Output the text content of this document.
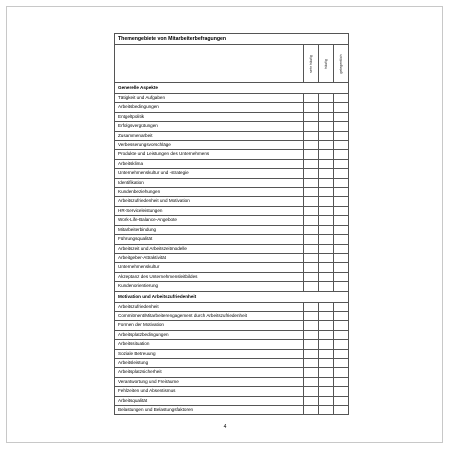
Themengebiete von Mitarbeiterbefragungen			

	sehr häufig	häufig	gelegentlich

Generelle Aspekte			
Tätigkeit und Aufgaben			
Arbeitsbedingungen			
Entgeltpolitik			
Erfolgsvergütungen			
Zusammenarbeit			
Verbesserungsvorschläge			
Produkte und Leistungen des Unternehmens			
Arbeitsklima			
Unternehmenskultur und -strategie			
Identifikation			
Kundenbeziehungen			
Arbeitszufriedenheit und Motivation			
HR-Serviceleistungen			
Work-Life-Balance-Angebote			
Mitarbeiterbindung			
Führungsqualität			
Arbeitszeit und Arbeitszeitmodelle			
Arbeitgeber-Attraktivität			
Unternehmenskultur			
Akzeptanz des Unternehmensleitbildes			
Kundenorientierung			
Motivation und Arbeitszufriedenheit			
Arbeitszufriedenheit			
Commitment/Mitarbeiterengagement durch Arbeitszufriedenheit			
Formen der Motivation			
Arbeitsplatzbedingungen			
Arbeitssituation			
Soziale Betreuung			
Arbeitsleistung			
Arbeitsplatzsicherheit			
Verantwortung und Freiräume			
Fehlzeiten und Absentismus			
Arbeitsqualität			
Belastungen und Belastungsfaktoren			
4
